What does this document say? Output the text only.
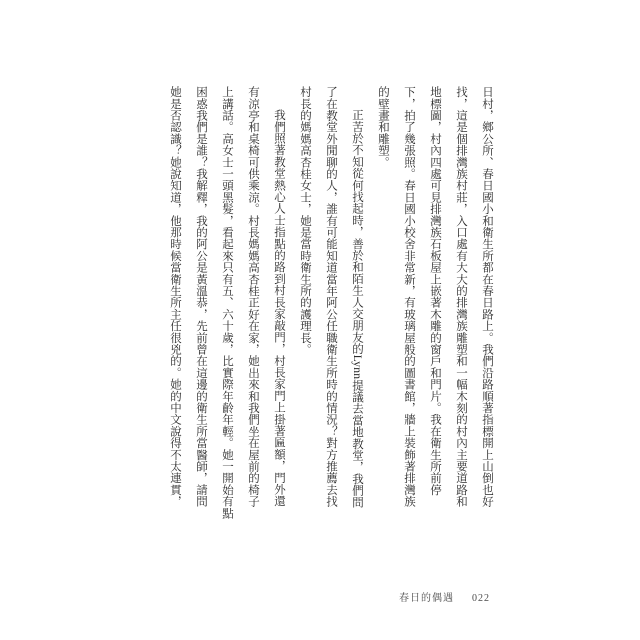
日村，鄉公所、春日國小和衛生所都在春日路上。我們沿路順著指標開上山倒也好

找，這是個排灣族村莊，入口處有大大的排灣族雕塑和一幅木刻的村內主要道路和

地標圖，村內四處可見排灣族石板屋上嵌著木雕的窗戶和門片。我在衛生所前停

下，拍了幾張照。春日國小校舍非常新，有玻璃屋般的圖書館，牆上裝飾著排灣族

的壁畫和雕塑。

正苦於不知從何找起時，善於和陌生人交朋友的Lynn提議去當地教堂，我們問

了在教堂外閒聊的人，誰有可能知道當年阿公任職衛生所時的情況？對方推薦去找

村長的媽媽高杏桂女士，她是當時衛生所的護理長。

我們照著教堂熱心人士指點的路到村長家敲門，村長家門上掛著匾額，門外還

有涼亭和桌椅可供乘涼。村長媽媽高杏桂正好在家，她出來和我們坐在屋前的椅子

上講話。高女士一頭黑髮，看起來只有五、六十歲，比實際年齡年輕。她一開始有點

困惑我們是誰？我解釋，我的阿公是黃溫恭，先前曾在這邊的衛生所當醫師，請問

她是否認識？她說知道，他那時候當衛生所主任很兇的。她的中文說得不太連貫，

春日的偶遇 022
